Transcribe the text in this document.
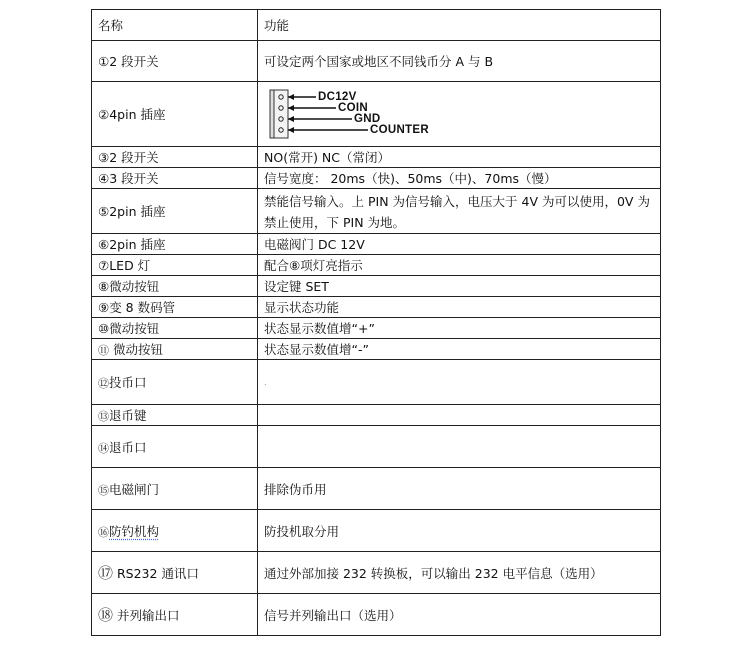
名称	功能
①2 段开关	可设定两个国家或地区不同钱币分 A 与 B
②4pin 插座	DC12V
COIN
GND
COUNTER

③2 段开关	NO(常开) NC（常闭）
④3 段开关	信号宽度： 20ms（快)、50ms（中)、70ms（慢）
⑤2pin 插座	禁能信号输入。上 PIN 为信号输入，电压大于 4V 为可以使用，0V 为禁止使用，下 PIN 为地。
⑥2pin 插座	电磁阀门 DC 12V
⑦LED 灯	配合⑧项灯亮指示
⑧微动按钮	设定键 SET
⑨变 8 数码管	显示状态功能
⑩微动按钮	状态显示数值增“+”
⑪ 微动按钮	状态显示数值增“-”
⑫投币口	.
⑬退币键	
⑭退币口	
⑮电磁闸门	排除伪币用
⑯防钓机构	防投机取分用
⑰ RS232 通讯口	通过外部加接 232 转换板，可以输出 232 电平信息（选用）
⑱ 并列输出口	信号并列输出口（选用）
